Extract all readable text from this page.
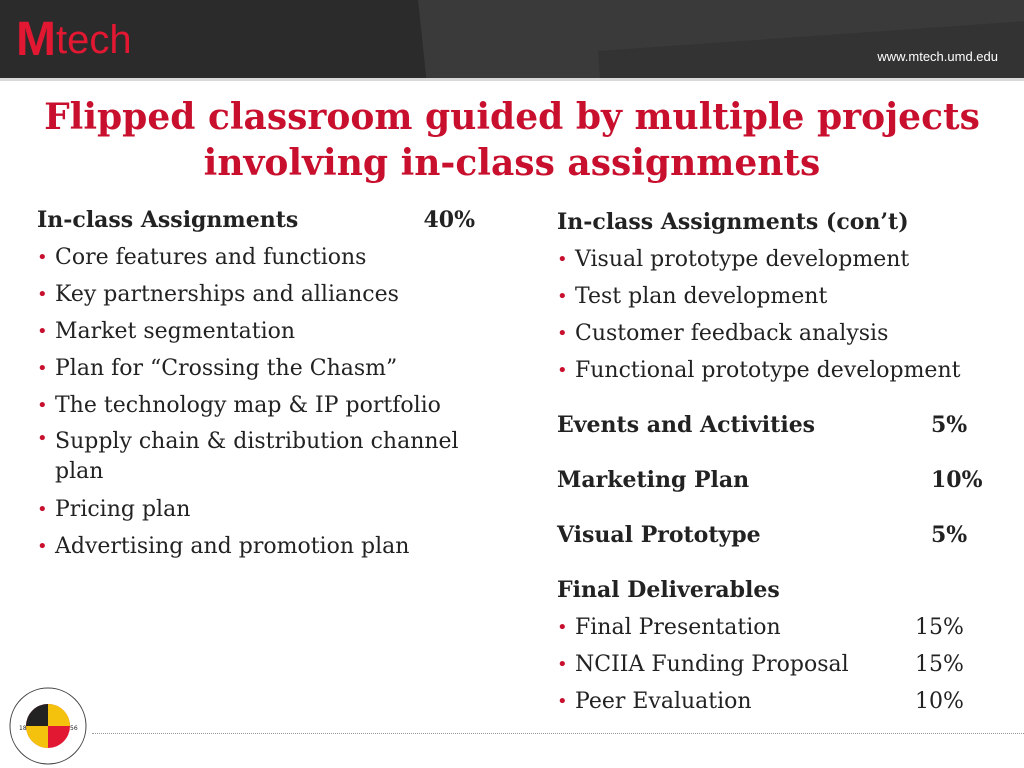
M tech	www.mtech.umd.edu
Flipped classroom guided by multiple projects
involving in-class assignments
In-class Assignments	40%
• Core features and functions
• Key partnerships and alliances
• Market segmentation
• Plan for “Crossing the Chasm”
• The technology map & IP portfolio
• Supply chain & distribution channel plan
• Pricing plan
• Advertising and promotion plan
In-class Assignments (con’t)
• Visual prototype development
• Test plan development
• Customer feedback analysis
• Functional prototype development
Events and Activities	5%
Marketing Plan	10%
Visual Prototype	5%
Final Deliverables
• Final Presentation	15%
• NCIIA Funding Proposal	15%
• Peer Evaluation	10%
18	56
